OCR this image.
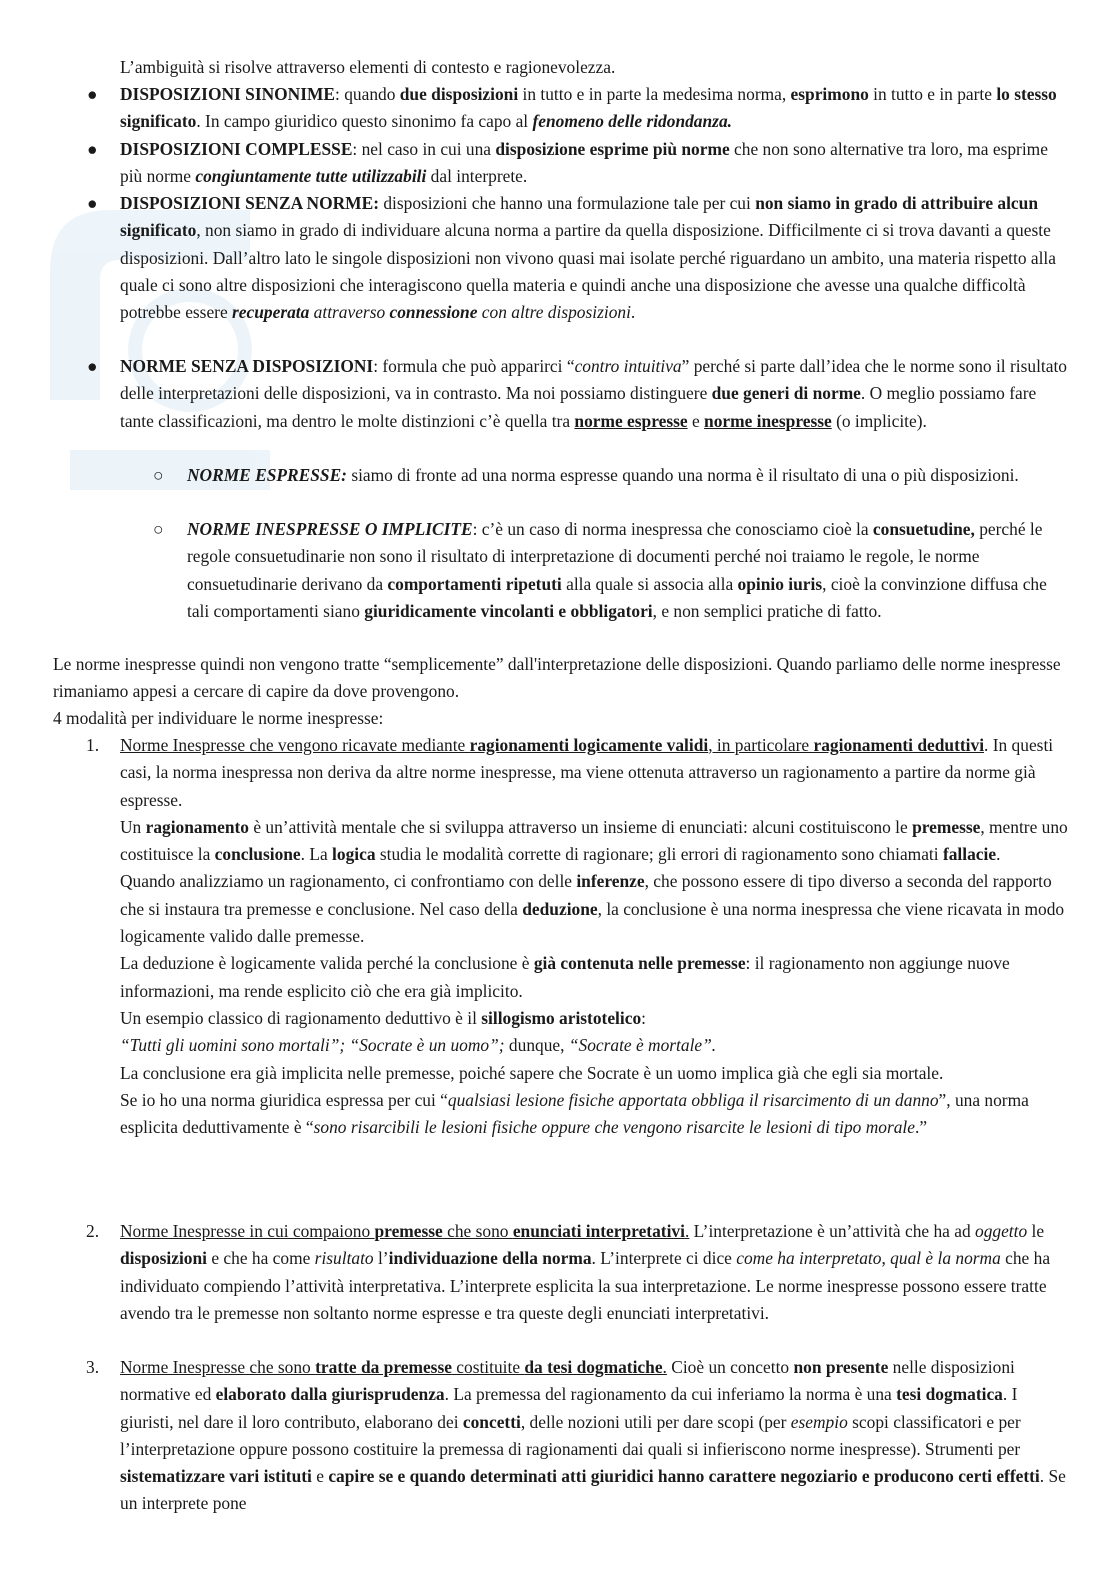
L’ambiguità si risolve attraverso elementi di contesto e ragionevolezza.

● DISPOSIZIONI SINONIME: quando due disposizioni in tutto e in parte la medesima norma, esprimono in tutto e in parte lo stesso significato. In campo giuridico questo sinonimo fa capo al fenomeno delle ridondanza.

● DISPOSIZIONI COMPLESSE: nel caso in cui una disposizione esprime più norme che non sono alternative tra loro, ma esprime più norme congiuntamente tutte utilizzabili dal interprete.

● DISPOSIZIONI SENZA NORME: disposizioni che hanno una formulazione tale per cui non siamo in grado di attribuire alcun significato, non siamo in grado di individuare alcuna norma a partire da quella disposizione. Difficilmente ci si trova davanti a queste disposizioni. Dall’altro lato le singole disposizioni non vivono quasi mai isolate perché riguardano un ambito, una materia rispetto alla quale ci sono altre disposizioni che interagiscono quella materia e quindi anche una disposizione che avesse una qualche difficoltà potrebbe essere recuperata attraverso connessione con altre disposizioni.

● NORME SENZA DISPOSIZIONI: formula che può apparirci “contro intuitiva” perché si parte dall’idea che le norme sono il risultato delle interpretazioni delle disposizioni, va in contrasto. Ma noi possiamo distinguere due generi di norme. O meglio possiamo fare tante classificazioni, ma dentro le molte distinzioni c’è quella tra norme espresse e norme inespresse (o implicite).

○ NORME ESPRESSE: siamo di fronte ad una norma espresse quando una norma è il risultato di una o più disposizioni.

○ NORME INESPRESSE O IMPLICITE: c’è un caso di norma inespressa che conosciamo cioè la consuetudine, perché le regole consuetudinarie non sono il risultato di interpretazione di documenti perché noi traiamo le regole, le norme consuetudinarie derivano da comportamenti ripetuti alla quale si associa alla opinio iuris, cioè la convinzione diffusa che tali comportamenti siano giuridicamente vincolanti e obbligatori, e non semplici pratiche di fatto.

Le norme inespresse quindi non vengono tratte “semplicemente” dall'interpretazione delle disposizioni. Quando parliamo delle norme inespresse rimaniamo appesi a cercare di capire da dove provengono.

4 modalità per individuare le norme inespresse:

1. Norme Inespresse che vengono ricavate mediante ragionamenti logicamente validi, in particolare ragionamenti deduttivi. In questi casi, la norma inespressa non deriva da altre norme inespresse, ma viene ottenuta attraverso un ragionamento a partire da norme già espresse.

Un ragionamento è un’attività mentale che si sviluppa attraverso un insieme di enunciati: alcuni costituiscono le premesse, mentre uno costituisce la conclusione. La logica studia le modalità corrette di ragionare; gli errori di ragionamento sono chiamati fallacie.

Quando analizziamo un ragionamento, ci confrontiamo con delle inferenze, che possono essere di tipo diverso a seconda del rapporto che si instaura tra premesse e conclusione. Nel caso della deduzione, la conclusione è una norma inespressa che viene ricavata in modo logicamente valido dalle premesse.

La deduzione è logicamente valida perché la conclusione è già contenuta nelle premesse: il ragionamento non aggiunge nuove informazioni, ma rende esplicito ciò che era già implicito.

Un esempio classico di ragionamento deduttivo è il sillogismo aristotelico:

“Tutti gli uomini sono mortali”; “Socrate è un uomo”; dunque, “Socrate è mortale”.

La conclusione era già implicita nelle premesse, poiché sapere che Socrate è un uomo implica già che egli sia mortale.

Se io ho una norma giuridica espressa per cui “qualsiasi lesione fisiche apportata obbliga il risarcimento di un danno”, una norma esplicita deduttivamente è “sono risarcibili le lesioni fisiche oppure che vengono risarcite le lesioni di tipo morale.”

2. Norme Inespresse in cui compaiono premesse che sono enunciati interpretativi. L’interpretazione è un’attività che ha ad oggetto le disposizioni e che ha come risultato l’individuazione della norma. L’interprete ci dice come ha interpretato, qual è la norma che ha individuato compiendo l’attività interpretativa. L’interprete esplicita la sua interpretazione. Le norme inespresse possono essere tratte avendo tra le premesse non soltanto norme espresse e tra queste degli enunciati interpretativi.

3. Norme Inespresse che sono tratte da premesse costituite da tesi dogmatiche. Cioè un concetto non presente nelle disposizioni normative ed elaborato dalla giurisprudenza. La premessa del ragionamento da cui inferiamo la norma è una tesi dogmatica. I giuristi, nel dare il loro contributo, elaborano dei concetti, delle nozioni utili per dare scopi (per esempio scopi classificatori e per l’interpretazione oppure possono costituire la premessa di ragionamenti dai quali si infieriscono norme inespresse). Strumenti per sistematizzare vari istituti e capire se e quando determinati atti giuridici hanno carattere negoziario e producono certi effetti. Se un interprete pone
